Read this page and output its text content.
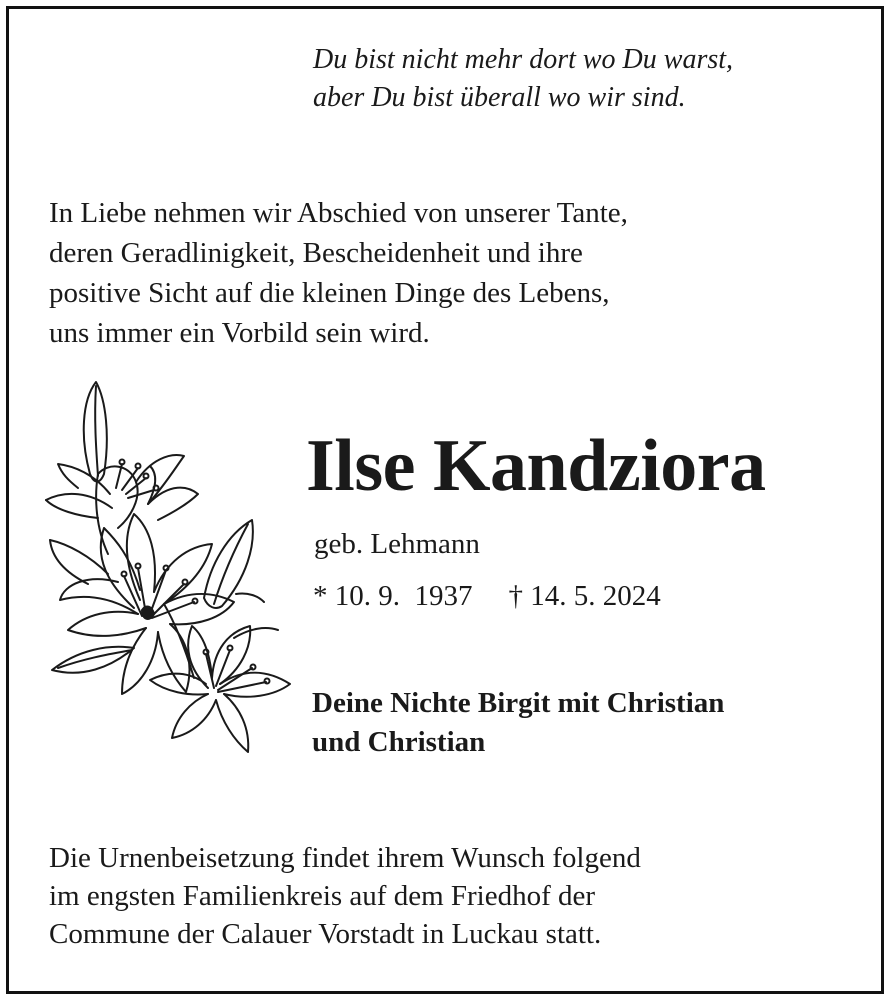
Du bist nicht mehr dort wo Du warst,
aber Du bist überall wo wir sind.

In Liebe nehmen wir Abschied von unserer Tante,
deren Geradlinigkeit, Bescheidenheit und ihre
positive Sicht auf die kleinen Dinge des Lebens,
uns immer ein Vorbild sein wird.

Ilse Kandziora
geb. Lehmann
* 10. 9.  1937 † 14. 5. 2024

Deine Nichte Birgit mit Christian
und Christian

Die Urnenbeisetzung findet ihrem Wunsch folgend
im engsten Familienkreis auf dem Friedhof der
Commune der Calauer Vorstadt in Luckau statt.
